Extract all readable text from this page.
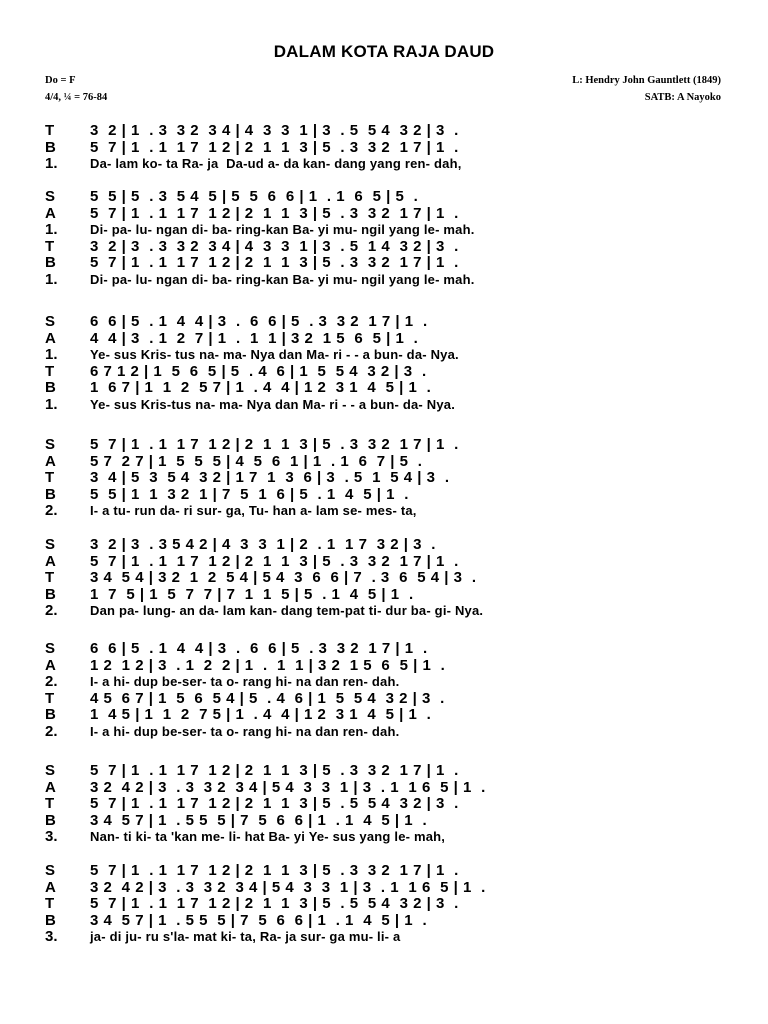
DALAM KOTA RAJA DAUD
Do = F
4/4, ¼ = 76-84
L: Hendry John Gauntlett (1849)
SATB: A Nayoko
T 3  2 | 1  . 3  3 2  3 4 | 4  3  3  1 | 3  . 5  5 4  3 2 | 3  .
B 5  7 | 1  . 1  1 7  1 2 | 2  1  1  3 | 5  . 3  3 2  1 7 | 1  .
1. Da- lam ko- ta Ra- ja  Da-ud a- da kan- dang yang ren- dah,
S 5  5 | 5  . 3  5 4  5 | 5  5  6  6 | 1  . 1  6  5 | 5  .
A 5  7 | 1  . 1  1 7  1 2 | 2  1  1  3 | 5  . 3  3 2  1 7 | 1  .
1. Di- pa- lu- ngan di- ba- ring-kan Ba- yi mu- ngil yang le- mah.
T 3  2 | 3  . 3  3 2  3 4 | 4  3  3  1 | 3  . 5  1 4  3 2 | 3  .
B 5  7 | 1  . 1  1 7  1 2 | 2  1  1  3 | 5  . 3  3 2  1 7 | 1  .
1. Di- pa- lu- ngan di- ba- ring-kan Ba- yi mu- ngil yang le- mah.
S 6  6 | 5  . 1  4  4 | 3  .  6  6 | 5  . 3  3 2  1 7 | 1  .
A 4  4 | 3  . 1  2  7 | 1  .  1  1 | 3 2  1 5  6  5 | 1  .
1. Ye- sus Kris- tus na- ma- Nya dan Ma- ri - - a bun- da- Nya.
T 6 7 1 2 | 1  5  6  5 | 5  . 4  6 | 1  5  5 4  3 2 | 3  .
B 1  6 7 | 1  1  2  5 7 | 1  . 4  4 | 1 2  3 1  4  5 | 1  .
1. Ye- sus Kris-tus na- ma- Nya dan Ma- ri - - a bun- da- Nya.
S 5  7 | 1  . 1  1 7  1 2 | 2  1  1  3 | 5  . 3  3 2  1 7 | 1  .
A 5 7  2 7 | 1  5  5  5 | 4  5  6  1 | 1  . 1  6  7 | 5  .
T 3  4 | 5  3  5 4  3 2 | 1 7  1  3  6 | 3  . 5  1  5 4 | 3  .
B 5  5 | 1  1  3 2  1 | 7  5  1  6 | 5  . 1  4  5 | 1  .
2. I- a tu- run da- ri sur- ga, Tu- han a- lam se- mes- ta,
S 3  2 | 3  . 3 5 4 2 | 4  3  3  1 | 2  . 1  1 7  3 2 | 3  .
A 5  7 | 1  . 1  1 7  1 2 | 2  1  1  3 | 5  . 3  3 2  1 7 | 1  .
T 3 4  5 4 | 3 2  1  2  5 4 | 5 4  3  6  6 | 7  . 3  6  5 4 | 3  .
B 1  7  5 | 1  5  7  7 | 7  1  1  5 | 5  . 1  4  5 | 1  .
2. Dan pa- lung- an da- lam kan- dang tem-pat ti- dur ba- gi- Nya.
S 6  6 | 5  . 1  4  4 | 3  .  6  6 | 5  . 3  3 2  1 7 | 1  .
A 1 2  1 2 | 3  . 1  2  2 | 1  .  1  1 | 3 2  1 5  6  5 | 1  .
2. I- a hi- dup be-ser- ta o- rang hi- na dan ren- dah.
T 4 5  6 7 | 1  5  6  5 4 | 5  . 4  6 | 1  5  5 4  3 2 | 3  .
B 1  4 5 | 1  1  2  7 5 | 1  . 4  4 | 1 2  3 1  4  5 | 1  .
2. I- a hi- dup be-ser- ta o- rang hi- na dan ren- dah.
S 5  7 | 1  . 1  1 7  1 2 | 2  1  1  3 | 5  . 3  3 2  1 7 | 1  .
A 3 2  4 2 | 3  . 3  3 2  3 4 | 5 4  3  3  1 | 3  . 1  1 6  5 | 1  .
T 5  7 | 1  . 1  1 7  1 2 | 2  1  1  3 | 5  . 5  5 4  3 2 | 3  .
B 3 4  5 7 | 1  . 5 5  5 | 7  5  6  6 | 1  . 1  4  5 | 1  .
3. Nan- ti ki- ta 'kan me- li- hat Ba- yi Ye- sus yang le- mah,
S 5  7 | 1  . 1  1 7  1 2 | 2  1  1  3 | 5  . 3  3 2  1 7 | 1  .
A 3 2  4 2 | 3  . 3  3 2  3 4 | 5 4  3  3  1 | 3  . 1  1 6  5 | 1  .
T 5  7 | 1  . 1  1 7  1 2 | 2  1  1  3 | 5  . 5  5 4  3 2 | 3  .
B 3 4  5 7 | 1  . 5 5  5 | 7  5  6  6 | 1  . 1  4  5 | 1  .
3. ja- di ju- ru s'la- mat ki- ta, Ra- ja sur- ga mu- li- a
